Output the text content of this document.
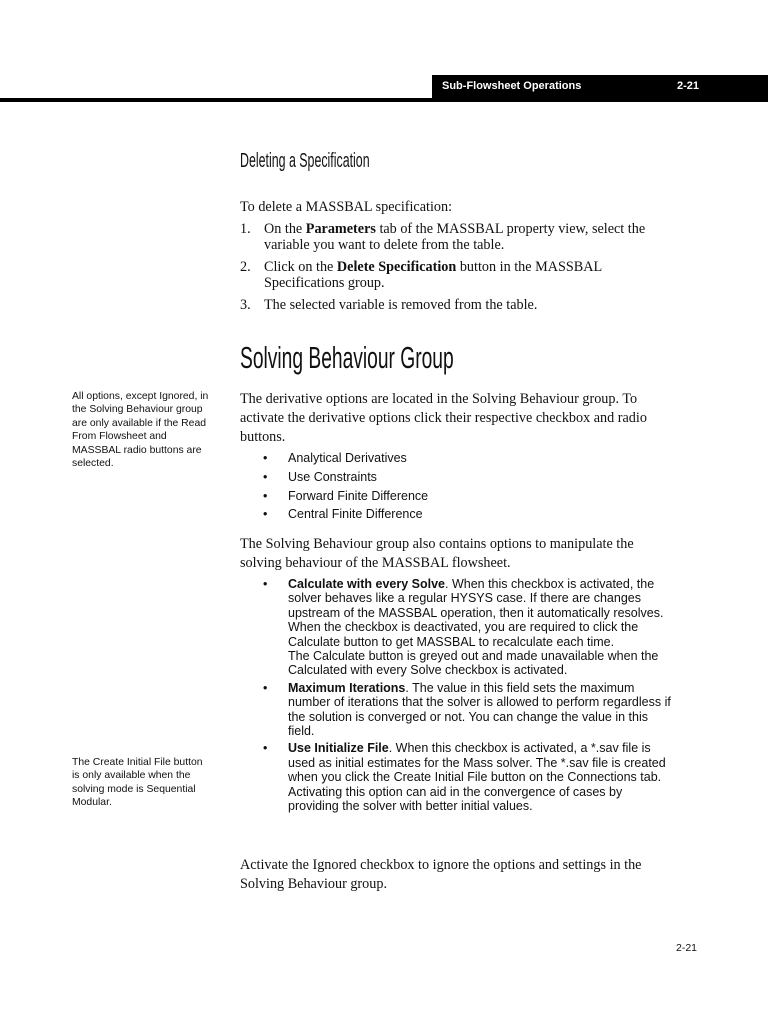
Sub-Flowsheet Operations	2-21
Deleting a Specification

To delete a MASSBAL specification:

1. On the Parameters tab of the MASSBAL property view, select the variable you want to delete from the table.
2. Click on the Delete Specification button in the MASSBAL Specifications group.
3. The selected variable is removed from the table.
Solving Behaviour Group

All options, except Ignored, in the Solving Behaviour group are only available if the Read From Flowsheet and MASSBAL radio buttons are selected.

The derivative options are located in the Solving Behaviour group. To activate the derivative options click their respective checkbox and radio buttons.

• Analytical Derivatives
• Use Constraints
• Forward Finite Difference
• Central Finite Difference

The Solving Behaviour group also contains options to manipulate the solving behaviour of the MASSBAL flowsheet.

• Calculate with every Solve. When this checkbox is activated, the solver behaves like a regular HYSYS case. If there are changes upstream of the MASSBAL operation, then it automatically resolves. When the checkbox is deactivated, you are required to click the Calculate button to get MASSBAL to recalculate each time.
The Calculate button is greyed out and made unavailable when the Calculated with every Solve checkbox is activated.
• Maximum Iterations. The value in this field sets the maximum number of iterations that the solver is allowed to perform regardless if the solution is converged or not. You can change the value in this field.
• Use Initialize File. When this checkbox is activated, a *.sav file is used as initial estimates for the Mass solver. The *.sav file is created when you click the Create Initial File button on the Connections tab. Activating this option can aid in the convergence of cases by providing the solver with better initial values.

The Create Initial File button is only available when the solving mode is Sequential Modular.

Activate the Ignored checkbox to ignore the options and settings in the Solving Behaviour group.

2-21
